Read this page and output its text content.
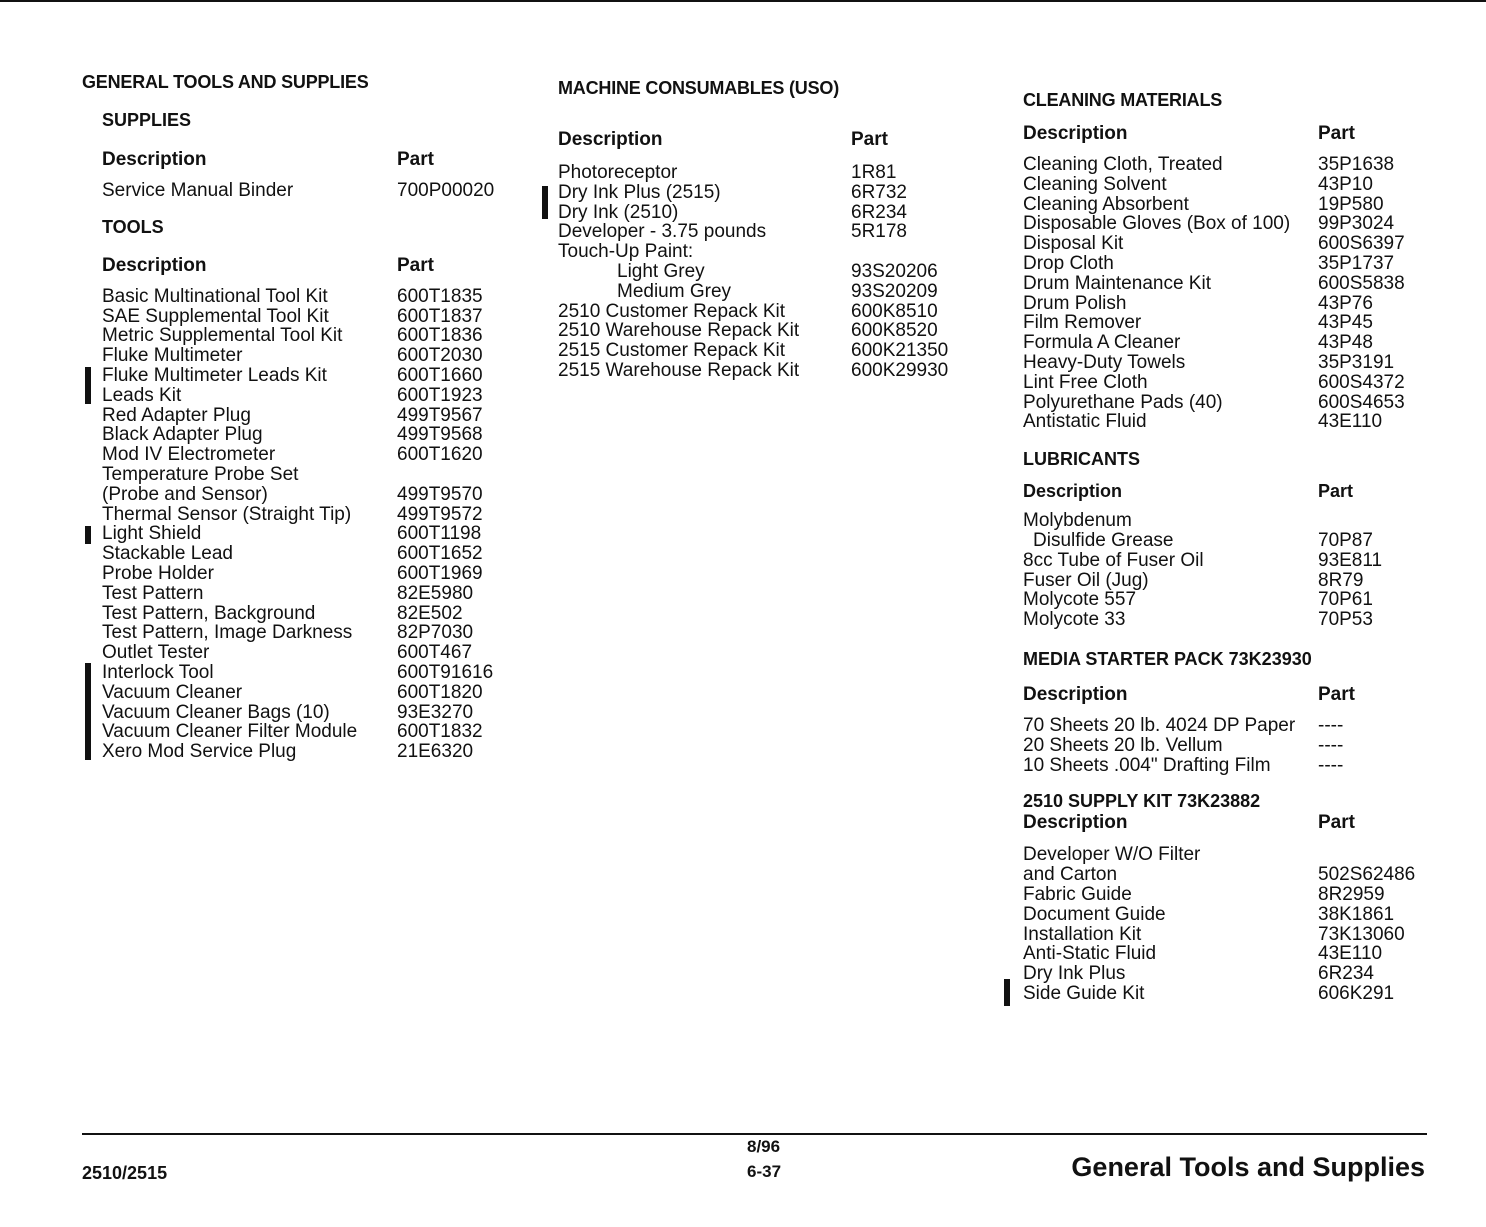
GENERAL TOOLS AND SUPPLIES
SUPPLIES
Description	Part
Service Manual Binder	700P00020
TOOLS
Description	Part
Basic Multinational Tool Kit	600T1835
SAE Supplemental Tool Kit	600T1837
Metric Supplemental Tool Kit	600T1836
Fluke Multimeter	600T2030
Fluke Multimeter Leads Kit	600T1660
Leads Kit	600T1923
Red Adapter Plug	499T9567
Black Adapter Plug	499T9568
Mod IV Electrometer	600T1620
Temperature Probe Set
(Probe and Sensor)	499T9570
Thermal Sensor (Straight Tip) 499T9572
Light Shield	600T1198
Stackable Lead	600T1652
Probe Holder	600T1969
Test Pattern	82E5980
Test Pattern, Background	82E502
Test Pattern, Image Darkness 82P7030
Outlet Tester	600T467
Interlock Tool	600T91616
Vacuum Cleaner	600T1820
Vacuum Cleaner Bags (10)	93E3270
Vacuum Cleaner Filter Module 600T1832
Xero Mod Service Plug	21E6320
MACHINE CONSUMABLES (USO)
Description	Part
Photoreceptor	1R81
Dry Ink Plus (2515)	6R732
Dry Ink (2510)	6R234
Developer - 3.75 pounds	5R178
Touch-Up Paint:
Light Grey	93S20206
Medium Grey	93S20209
2510 Customer Repack Kit	600K8510
2510 Warehouse Repack Kit	600K8520
2515 Customer Repack Kit	600K21350
2515 Warehouse Repack Kit	600K29930
CLEANING MATERIALS
Description	Part
Cleaning Cloth, Treated	35P1638
Cleaning Solvent	43P10
Cleaning Absorbent	19P580
Disposable Gloves (Box of 100) 99P3024
Disposal Kit	600S6397
Drop Cloth	35P1737
Drum Maintenance Kit	600S5838
Drum Polish	43P76
Film Remover	43P45
Formula A Cleaner	43P48
Heavy-Duty Towels	35P3191
Lint Free Cloth	600S4372
Polyurethane Pads (40)	600S4653
Antistatic Fluid	43E110
LUBRICANTS
Description	Part
Molybdenum
Disulfide Grease	70P87
8cc Tube of Fuser Oil	93E811
Fuser Oil (Jug)	8R79
Molycote 557	70P61
Molycote 33	70P53
MEDIA STARTER PACK 73K23930
Description	Part
70 Sheets 20 lb. 4024 DP Paper ----
20 Sheets 20 lb. Vellum	----
10 Sheets .004" Drafting Film ----
2510 SUPPLY KIT 73K23882
Description	Part
Developer W/O Filter
and Carton	502S62486
Fabric Guide	8R2959
Document Guide	38K1861
Installation Kit	73K13060
Anti-Static Fluid	43E110
Dry Ink Plus	6R234
Side Guide Kit	606K291
2510/2515
8/96
6-37	General Tools and Supplies
